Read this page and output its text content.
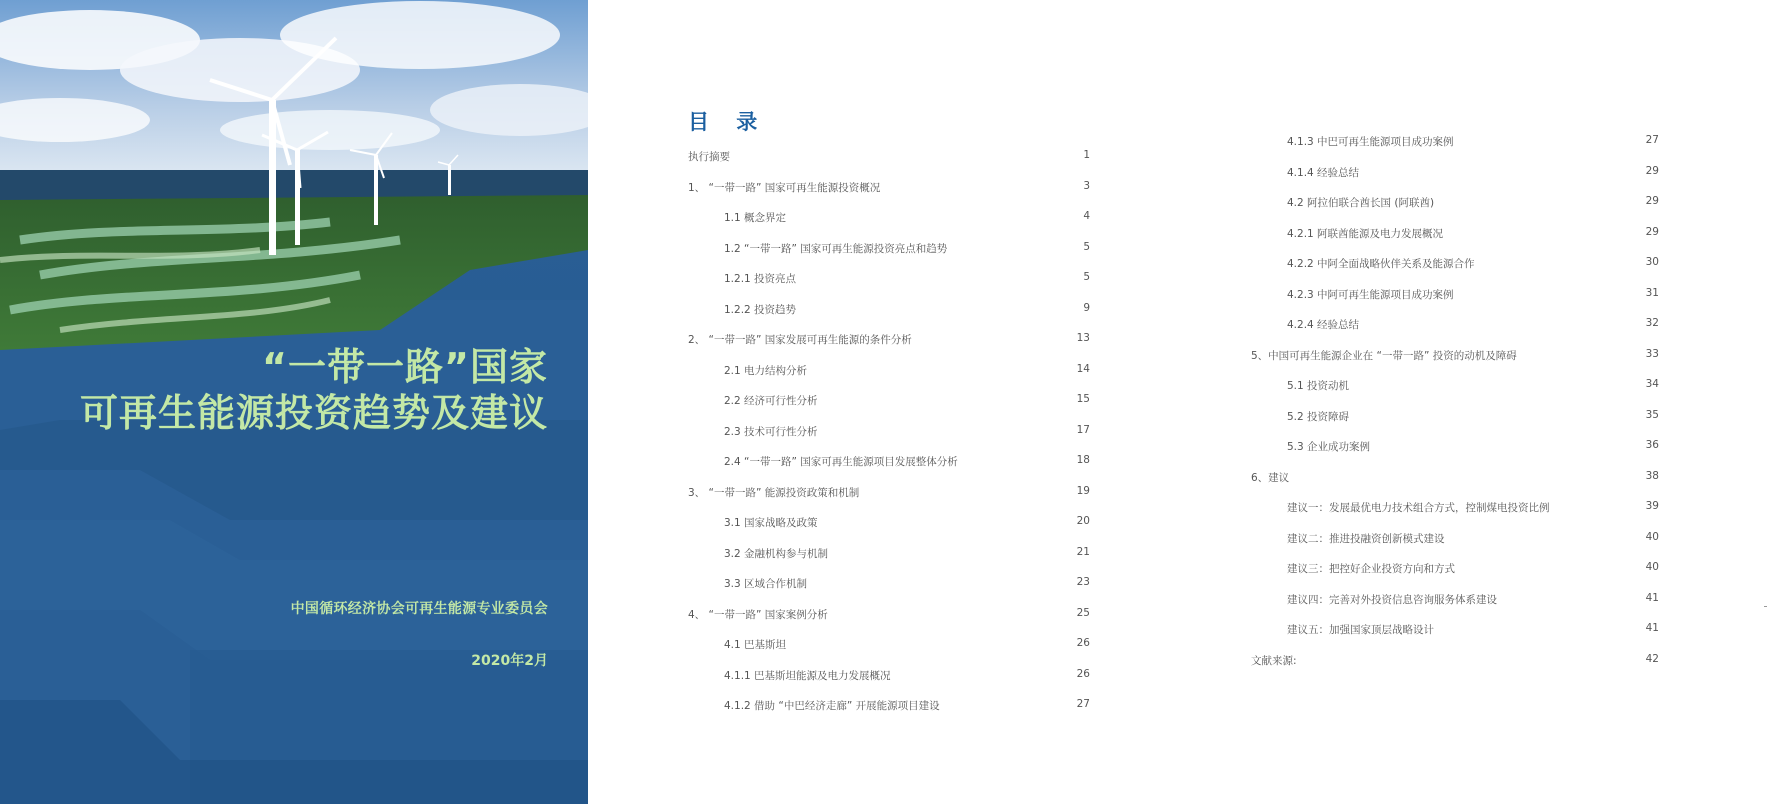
“一带一路”国家
可再生能源投资趋势及建议
中国循环经济协会可再生能源专业委员会
2020年2月
目 录
执行摘要	1
1、 “一带一路” 国家可再生能源投资概况	3
1.1 概念界定	4
1.2 “一带一路” 国家可再生能源投资亮点和趋势	5
1.2.1 投资亮点	5
1.2.2 投资趋势	9
2、 “一带一路” 国家发展可再生能源的条件分析	13
2.1 电力结构分析	14
2.2 经济可行性分析	15
2.3 技术可行性分析	17
2.4 “一带一路” 国家可再生能源项目发展整体分析	18
3、 “一带一路” 能源投资政策和机制	19
3.1 国家战略及政策	20
3.2 金融机构参与机制	21
3.3 区域合作机制	23
4、 “一带一路” 国家案例分析	25
4.1 巴基斯坦	26
4.1.1 巴基斯坦能源及电力发展概况	26
4.1.2 借助 “中巴经济走廊” 开展能源项目建设	27
4.1.3 中巴可再生能源项目成功案例	27
4.1.4 经验总结	29
4.2 阿拉伯联合酋长国 (阿联酋)	29
4.2.1 阿联酋能源及电力发展概况	29
4.2.2 中阿全面战略伙伴关系及能源合作	30
4.2.3 中阿可再生能源项目成功案例	31
4.2.4 经验总结	32
5、中国可再生能源企业在 “一带一路” 投资的动机及障碍	33
5.1 投资动机	34
5.2 投资障碍	35
5.3 企业成功案例	36
6、建议	38
建议一：发展最优电力技术组合方式，控制煤电投资比例	39
建议二：推进投融资创新模式建设	40
建议三：把控好企业投资方向和方式	40
建议四：完善对外投资信息咨询服务体系建设	41
建议五：加强国家顶层战略设计	41
文献来源:	42
